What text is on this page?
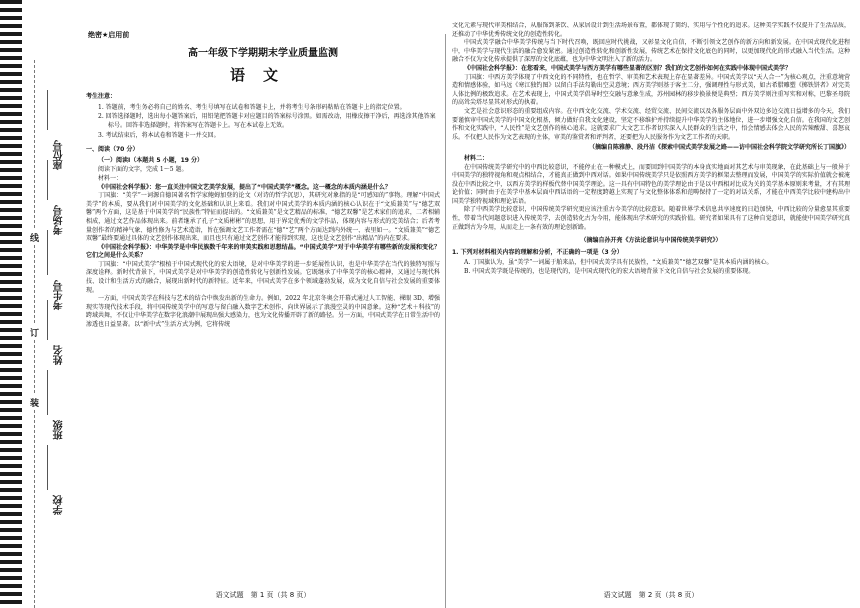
座位号
考场号
考生号
姓名
班级
学校
线
订
装
绝密★启用前
高一年级下学期期末学业质量监测
语文
考生注意：
1. 答题前，考生务必将自己的姓名、考生号填写在试卷和答题卡上，并将考生号条形码粘贴在答题卡上的指定位置。
2. 回答选择题时，选出每小题答案后，用铅笔把答题卡对应题目的答案标号涂黑。如需改动，用橡皮擦干净后，再选涂其他答案标号。回答非选择题时，将答案写在答题卡上。写在本试卷上无效。
3. 考试结束后，将本试卷和答题卡一并交回。
一、阅读（70 分）
（一）阅读Ⅰ（本题共 5 小题，19 分）

阅读下面的文字，完成 1～5 题。

材料一：

《中国社会科学报》：您一直关注中国文艺美学发展，提出了“中国式美学”概念。这一概念的本质内涵是什么？

丁国旗：“美学”一词源自德国著名哲学家鲍姆加登的论文（对诗的哲学沉思），其研究对象指的是“可感知的”事物。理解“中国式美学”的本质，要从我们对中国美学的文化基础和认识上来看。我们对中国式美学的本质内涵的核心认识在于“文质兼美”与“德艺双馨”两个方面，这是基于中国美学的“民族性”特征而提出的。“文质兼美”是文艺精品的标准，“德艺双馨”是艺术家们的追求，二者相辅相成，通过文艺作品体现出来。前者继承了孔子“文质彬彬”的思想，用于界定优秀的文学作品，体现内容与形式的完美结合；后者考量创作者的精神气象、德性修为与艺术造诣，旨在强调文艺工作者需在“德”“艺”两个方面达到内外统一、表里如一。“文质兼美”“德艺双馨”最终要通过具体的文艺创作体现出来，而且也只有通过文艺创作才能得到实现，这也是文艺创作“出精品”的内在要求。

《中国社会科学报》：中华美学是中华民族数千年来的审美实践和思想结晶。“中国式美学”对于中华美学有哪些新的发展和变化？它们之间是什么关系？

丁国旗：“中国式美学”根植于中国式现代化的宏大语境，是对中华美学的进一步延展性认识，也是中华美学在当代的独特写照与深度诠释。新时代背景下，中国式美学是对中华美学的创造性转化与创新性发展。它既继承了中华美学的核心精神，又通过与现代科技、设计和生活方式的融合，展现出新时代的新特征。近年来，中国式美学在多个领域蓬勃发展，成为文化自信与社会发展的重要体现。

一方面，中国式美学在科技与艺术的结合中焕发出新的生命力。例如，2022 年北京冬奥会开幕式通过人工智能、裸眼 3D、增强现实等现代技术手段，将中国传统美学中的写意与留白融入数字艺术创作，向世界展示了浪漫空灵的中国意象。这种“艺术＋科技”的跨域共舞，不仅让中华美学在数字化浪潮中展现出强大感染力，也为文化传播开辟了新的路径。另一方面，中国式美学在日常生活中的渗透也日益显著。以“新中式”生活方式为例，它将传统

文化元素与现代审美相结合，从服饰到茶饮、从家居设计到生活场景布置，都体现了简约、实用与个性化的追求。这种美学实践不仅提升了生活品质，还推动了中华优秀传统文化的创造性转化。

中国式美学融合中华美学传统与当下时代召唤，既回应时代挑战，又彰显文化自信，不断引领文艺创作的新方向和新发展。在中国式现代化进程中，中华美学与现代生活的融合愈发紧密。通过创造性转化和创新性发展，传统艺术在保持文化底色的同时，以更加现代化的形式融入当代生活。这种融合不仅为文化传承提供了深厚的文化底蕴，也为中华文明注入了新的活力。

《中国社会科学报》：在您看来，中国式美学与西方美学有哪些显著的区别？我们的文艺创作如何在实践中体现中国式美学？

丁国旗：中西方美学体现了中西文化的不同特性，也在哲学、审美和艺术表现上存在显著差异。中国式美学以“天人合一”为核心观点，注重意境营造和情感体验，如马远《寒江独钓图》以留白手法勾勒出空灵意境；西方美学则基于客主二分，强调理性与形式美，如古希腊雕塑《掷铁饼者》对完美人体比例的极致追求。在艺术表现上，中国式美学倡导时空交融与意象生成，苏州园林的移步换景便是典型；西方美学则注重写实和对称，巴黎圣母院的高耸尖塔尽显其对形式的执着。

文艺是社会意识形态的重要组成内容。在中西文化交流、学术交流、经贸交流、民间交流以及各服务层面中外双边多边交流日益增多的今天，我们要谨慎审中国式美学的中国文化根基，倾力做好自我文化建设，坚定不移维护并持续提升中华美学的主体地位，进一步增强文化自信。在我国的文艺创作和文化实践中，“人民性”是文艺创作的核心追求。这就要求广大文艺工作者切实深入人民群众的生活之中，悟会情感去体会人民的苦辣酸甜、喜怒哀乐。不仅把人民作为文艺表现的主体，审美的鉴赏者和评判者，还要把为人民服务作为文艺工作者的天职。

（摘编自陈雅静、段丹洁《探索中国式美学发展之路——访中国社会科学院文学研究所长丁国旗》）

材料二：

在中国传统美学研究中的中西比较意识，不能停止在一种模式上，而要回到中国美学的本身真实地面对其艺术与审美现象，在此基础上与一般异于中国美学的独特视角和观点相结合，才能真正做到中西对话。如果中国传统美学只是依照西方美学的框架去整理而发展，中国美学的实际价值就会被淹没在中西比较之中，以西方美学的样板代替中国美学理论。这一具有中国特色的美学理论由于是以中西相对比成为关的美学基本原则来考量，才有其理论价值；同时由于在美学中基本层面中西话语的一定程度跨越上实现了与文化整体体系和范畴保持了一定的对话关系，才能在中西美学比较中建构出中国美学独特视域和理论话语。

除了中西美学比较意识，中国传统美学研究更应该注重古今美学的比较意识。随着世界学术信息共享速度的日趋加快，中西比较的分量愈显其重要性，带着当代问题意识进入传统美学，去创造转化古为今用，能体现出学术研究的实践价值。研究者如果具有了这种自觉意识，就能使中国美学研究真正做到古为今用，从而走上一条有效的理论创新路。

（摘编自孙开亮《方法论意识与中国传统美学研究》）
1. 下列对材料相关内容的理解和分析，不正确的一项是（3 分）
A. 丁国旗认为，虽“美学”一词属于舶来品，但中国式美学具有民族性，“文质兼美”“德艺双馨”是其本质内涵的核心。
B. 中国式美学既是传统的，也是现代的，是中国式现代化的宏大语境背景下文化自信与社会发展的重要体现。
语文试题　第 1 页（共 8 页）	语文试题　第 2 页（共 8 页）
